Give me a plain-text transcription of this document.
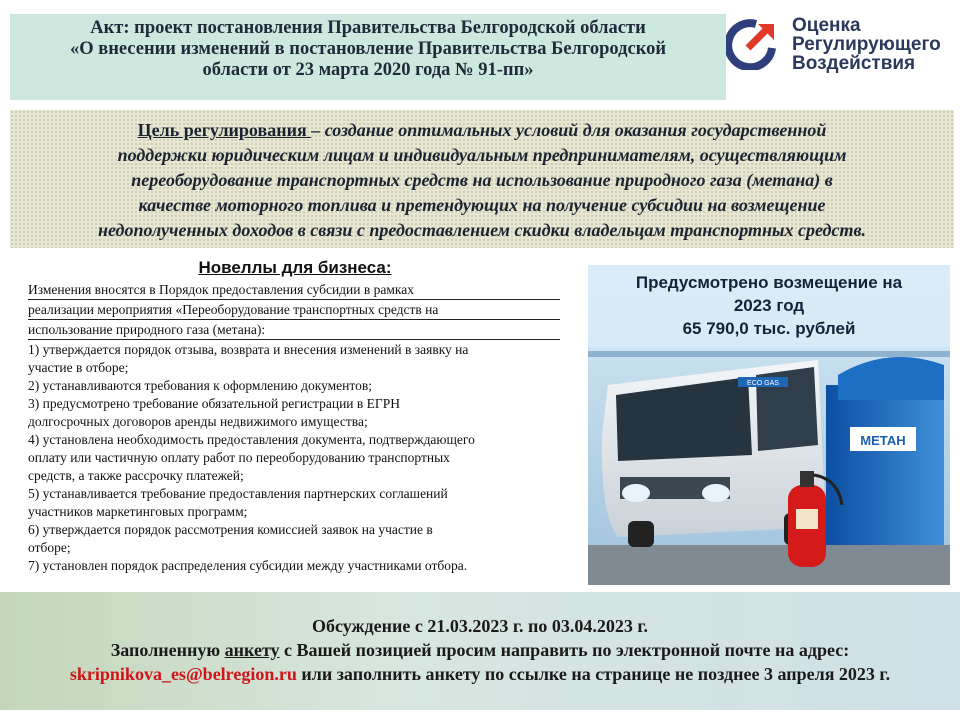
Акт: проект постановления Правительства Белгородской области
«О внесении изменений в постановление Правительства Белгородской
области от 23 марта 2020 года № 91-пп»
Оценка
Регулирующего
Воздействия
Цель регулирования – создание оптимальных условий для оказания государственной
поддержки юридическим лицам и индивидуальным предпринимателям, осуществляющим
переоборудование транспортных средств на использование природного газа (метана) в
качестве моторного топлива и претендующих на получение субсидии на возмещение
недополученных доходов в связи с предоставлением скидки владельцам транспортных средств.
Новеллы для бизнеса:
Изменения вносятся в Порядок предоставления субсидии в рамках
реализации мероприятия «Переоборудование транспортных средств на
использование природного газа (метана):
1) утверждается порядок отзыва, возврата и внесения изменений в заявку на
участие в отборе;
2) устанавливаются требования к оформлению документов;
3) предусмотрено требование обязательной регистрации в ЕГРН
долгосрочных договоров аренды недвижимого имущества;
4) установлена необходимость предоставления документа, подтверждающего
оплату или частичную оплату работ по переоборудованию транспортных
средств, а также рассрочку платежей;
5) устанавливается требование предоставления партнерских соглашений
участников маркетинговых программ;
6) утверждается порядок рассмотрения комиссией заявок на участие в
отборе;
7) установлен порядок распределения субсидии между участниками отбора.
МЕТАН
ECO GAS
Предусмотрено возмещение на
2023 год
65 790,0 тыс. рублей
Обсуждение с 21.03.2023 г. по 03.04.2023 г.
Заполненную анкету с Вашей позицией просим направить по электронной почте на адрес:
skripnikova_es@belregion.ru или заполнить анкету по ссылке на странице не позднее 3 апреля 2023 г.
